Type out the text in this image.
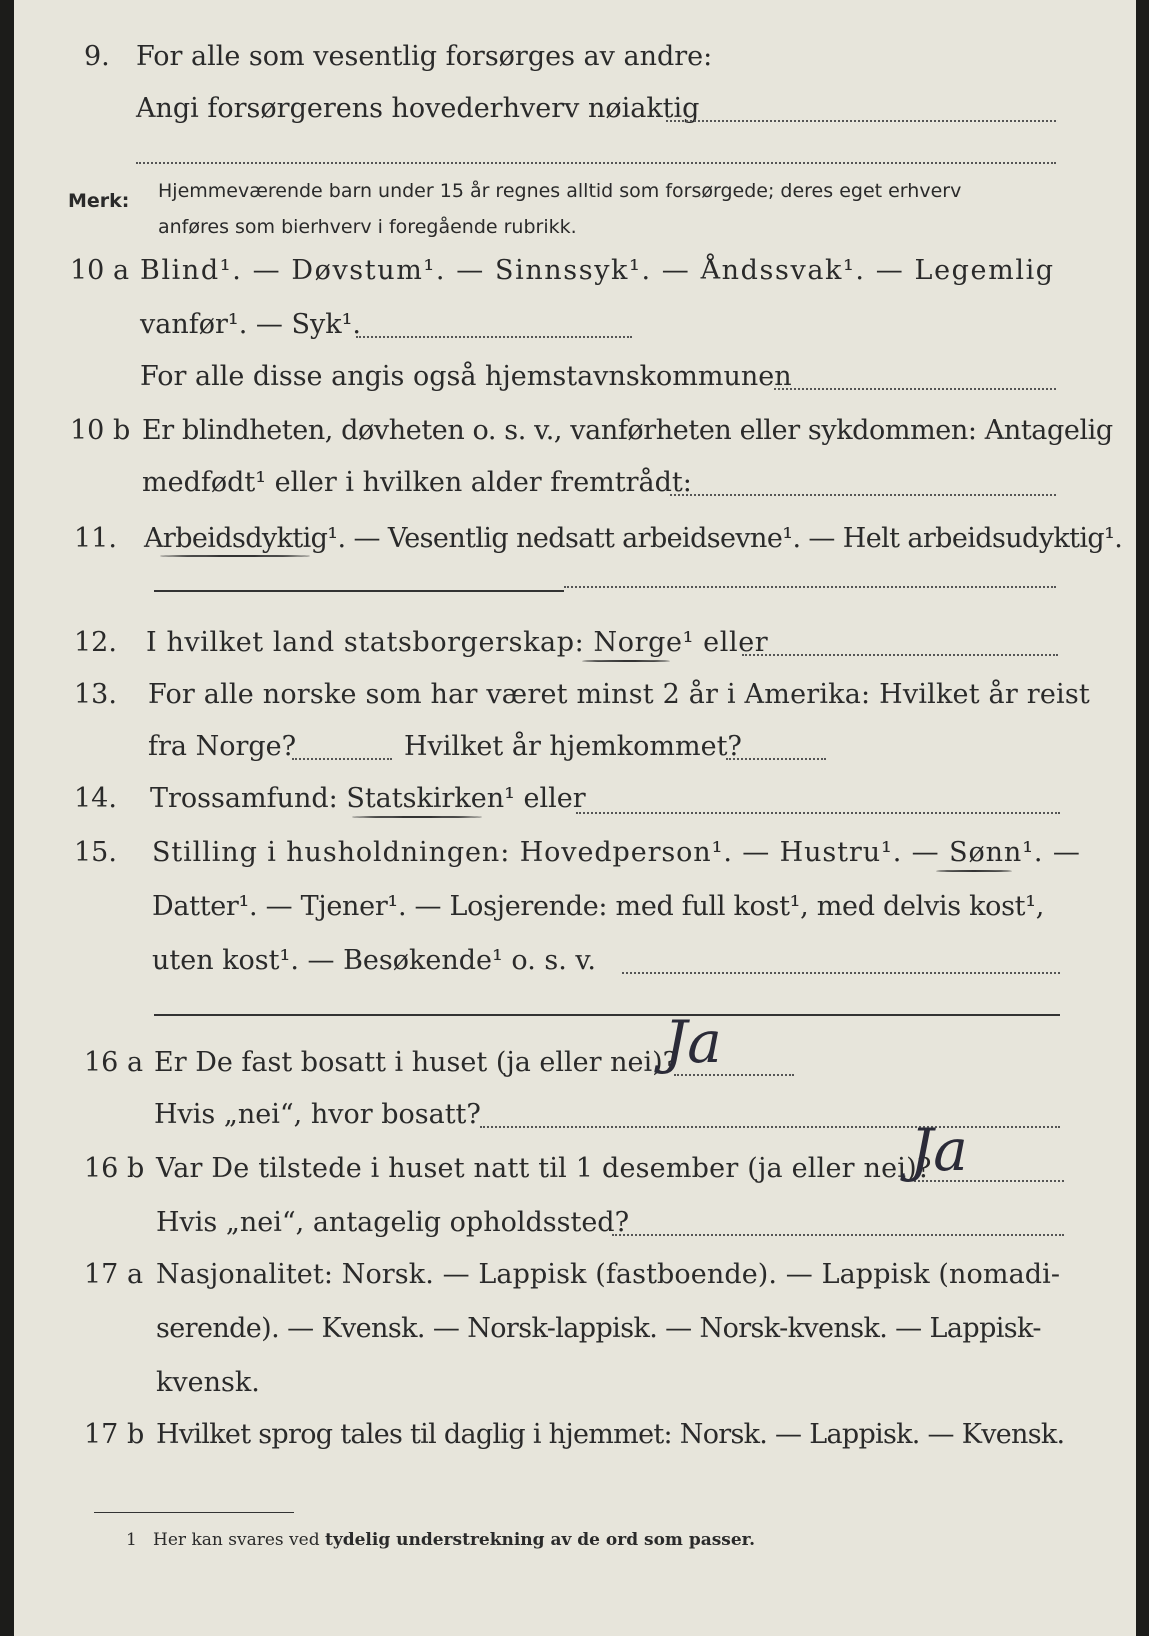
9. For alle som vesentlig forsørges av andre:
Angi forsørgerens hovederhverv nøiaktig
Merk: Hjemmeværende barn under 15 år regnes alltid som forsørgede; deres eget erhverv
anføres som bierhverv i foregående rubrikk.
10 a Blind¹. — Døvstum¹. — Sinnssyk¹. — Åndssvak¹. — Legemlig
vanfør¹. — Syk¹.
For alle disse angis også hjemstavnskommunen
10 b Er blindheten, døvheten o. s. v., vanførheten eller sykdommen: Antagelig
medfødt¹ eller i hvilken alder fremtrådt:
11. Arbeidsdyktig¹. — Vesentlig nedsatt arbeidsevne¹. — Helt arbeidsudyktig¹.
12. I hvilket land statsborgerskap: Norge¹ eller
13. For alle norske som har været minst 2 år i Amerika: Hvilket år reist
fra Norge?	Hvilket år hjemkommet?
14. Trossamfund: Statskirken¹ eller
15. Stilling i husholdningen: Hovedperson¹. — Hustru¹. — Sønn¹. —
Datter¹. — Tjener¹. — Losjerende: med full kost¹, med delvis kost¹,
uten kost¹. — Besøkende¹ o. s. v.
16 a Er De fast bosatt i huset (ja eller nei)?
Ja
Hvis „nei“, hvor bosatt?
16 b Var De tilstede i huset natt til 1 desember (ja eller nei)?
Ja
Hvis „nei“, antagelig opholdssted?
17 a Nasjonalitet: Norsk. — Lappisk (fastboende). — Lappisk (nomadi-
serende). — Kvensk. — Norsk-lappisk. — Norsk-kvensk. — Lappisk-
kvensk.
17 b Hvilket sprog tales til daglig i hjemmet: Norsk. — Lappisk. — Kvensk.
1 Her kan svares ved tydelig understrekning av de ord som passer.
